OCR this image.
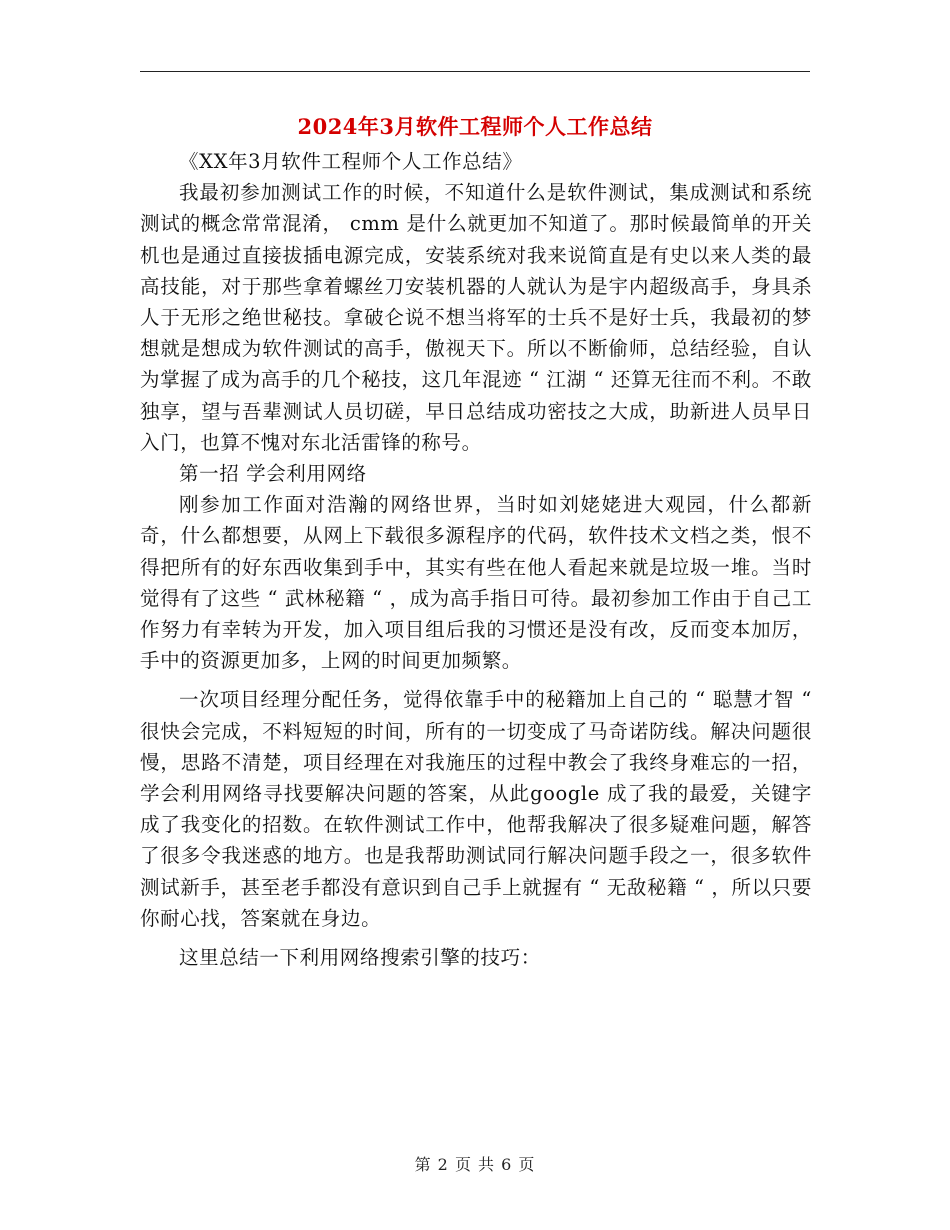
2024年3月软件工程师个人工作总结

《XX年3月软件工程师个人工作总结》

我最初参加测试工作的时候，不知道什么是软件测试，集成测试和系统测试的概念常常混淆， cmm 是什么就更加不知道了。那时候最简单的开关机也是通过直接拔插电源完成，安装系统对我来说简直是有史以来人类的最高技能，对于那些拿着螺丝刀安装机器的人就认为是宇内超级高手，身具杀人于无形之绝世秘技。拿破仑说不想当将军的士兵不是好士兵，我最初的梦想就是想成为软件测试的高手，傲视天下。所以不断偷师，总结经验，自认为掌握了成为高手的几个秘技，这几年混迹 “ 江湖 “ 还算无往而不利。不敢独享，望与吾辈测试人员切磋，早日总结成功密技之大成，助新进人员早日入门，也算不愧对东北活雷锋的称号。

第一招 学会利用网络

刚参加工作面对浩瀚的网络世界，当时如刘姥姥进大观园，什么都新奇，什么都想要，从网上下载很多源程序的代码，软件技术文档之类，恨不得把所有的好东西收集到手中，其实有些在他人看起来就是垃圾一堆。当时觉得有了这些 “ 武林秘籍 “ ，成为高手指日可待。最初参加工作由于自己工作努力有幸转为开发，加入项目组后我的习惯还是没有改，反而变本加厉，手中的资源更加多，上网的时间更加频繁。

一次项目经理分配任务，觉得依靠手中的秘籍加上自己的 “ 聪慧才智 “ 很快会完成，不料短短的时间，所有的一切变成了马奇诺防线。解决问题很慢，思路不清楚，项目经理在对我施压的过程中教会了我终身难忘的一招，学会利用网络寻找要解决问题的答案，从此google 成了我的最爱，关键字成了我变化的招数。在软件测试工作中，他帮我解决了很多疑难问题，解答了很多令我迷惑的地方。也是我帮助测试同行解决问题手段之一，很多软件测试新手，甚至老手都没有意识到自己手上就握有 “ 无敌秘籍 “ ，所以只要你耐心找，答案就在身边。

这里总结一下利用网络搜索引擎的技巧：

第 2 页 共 6 页
